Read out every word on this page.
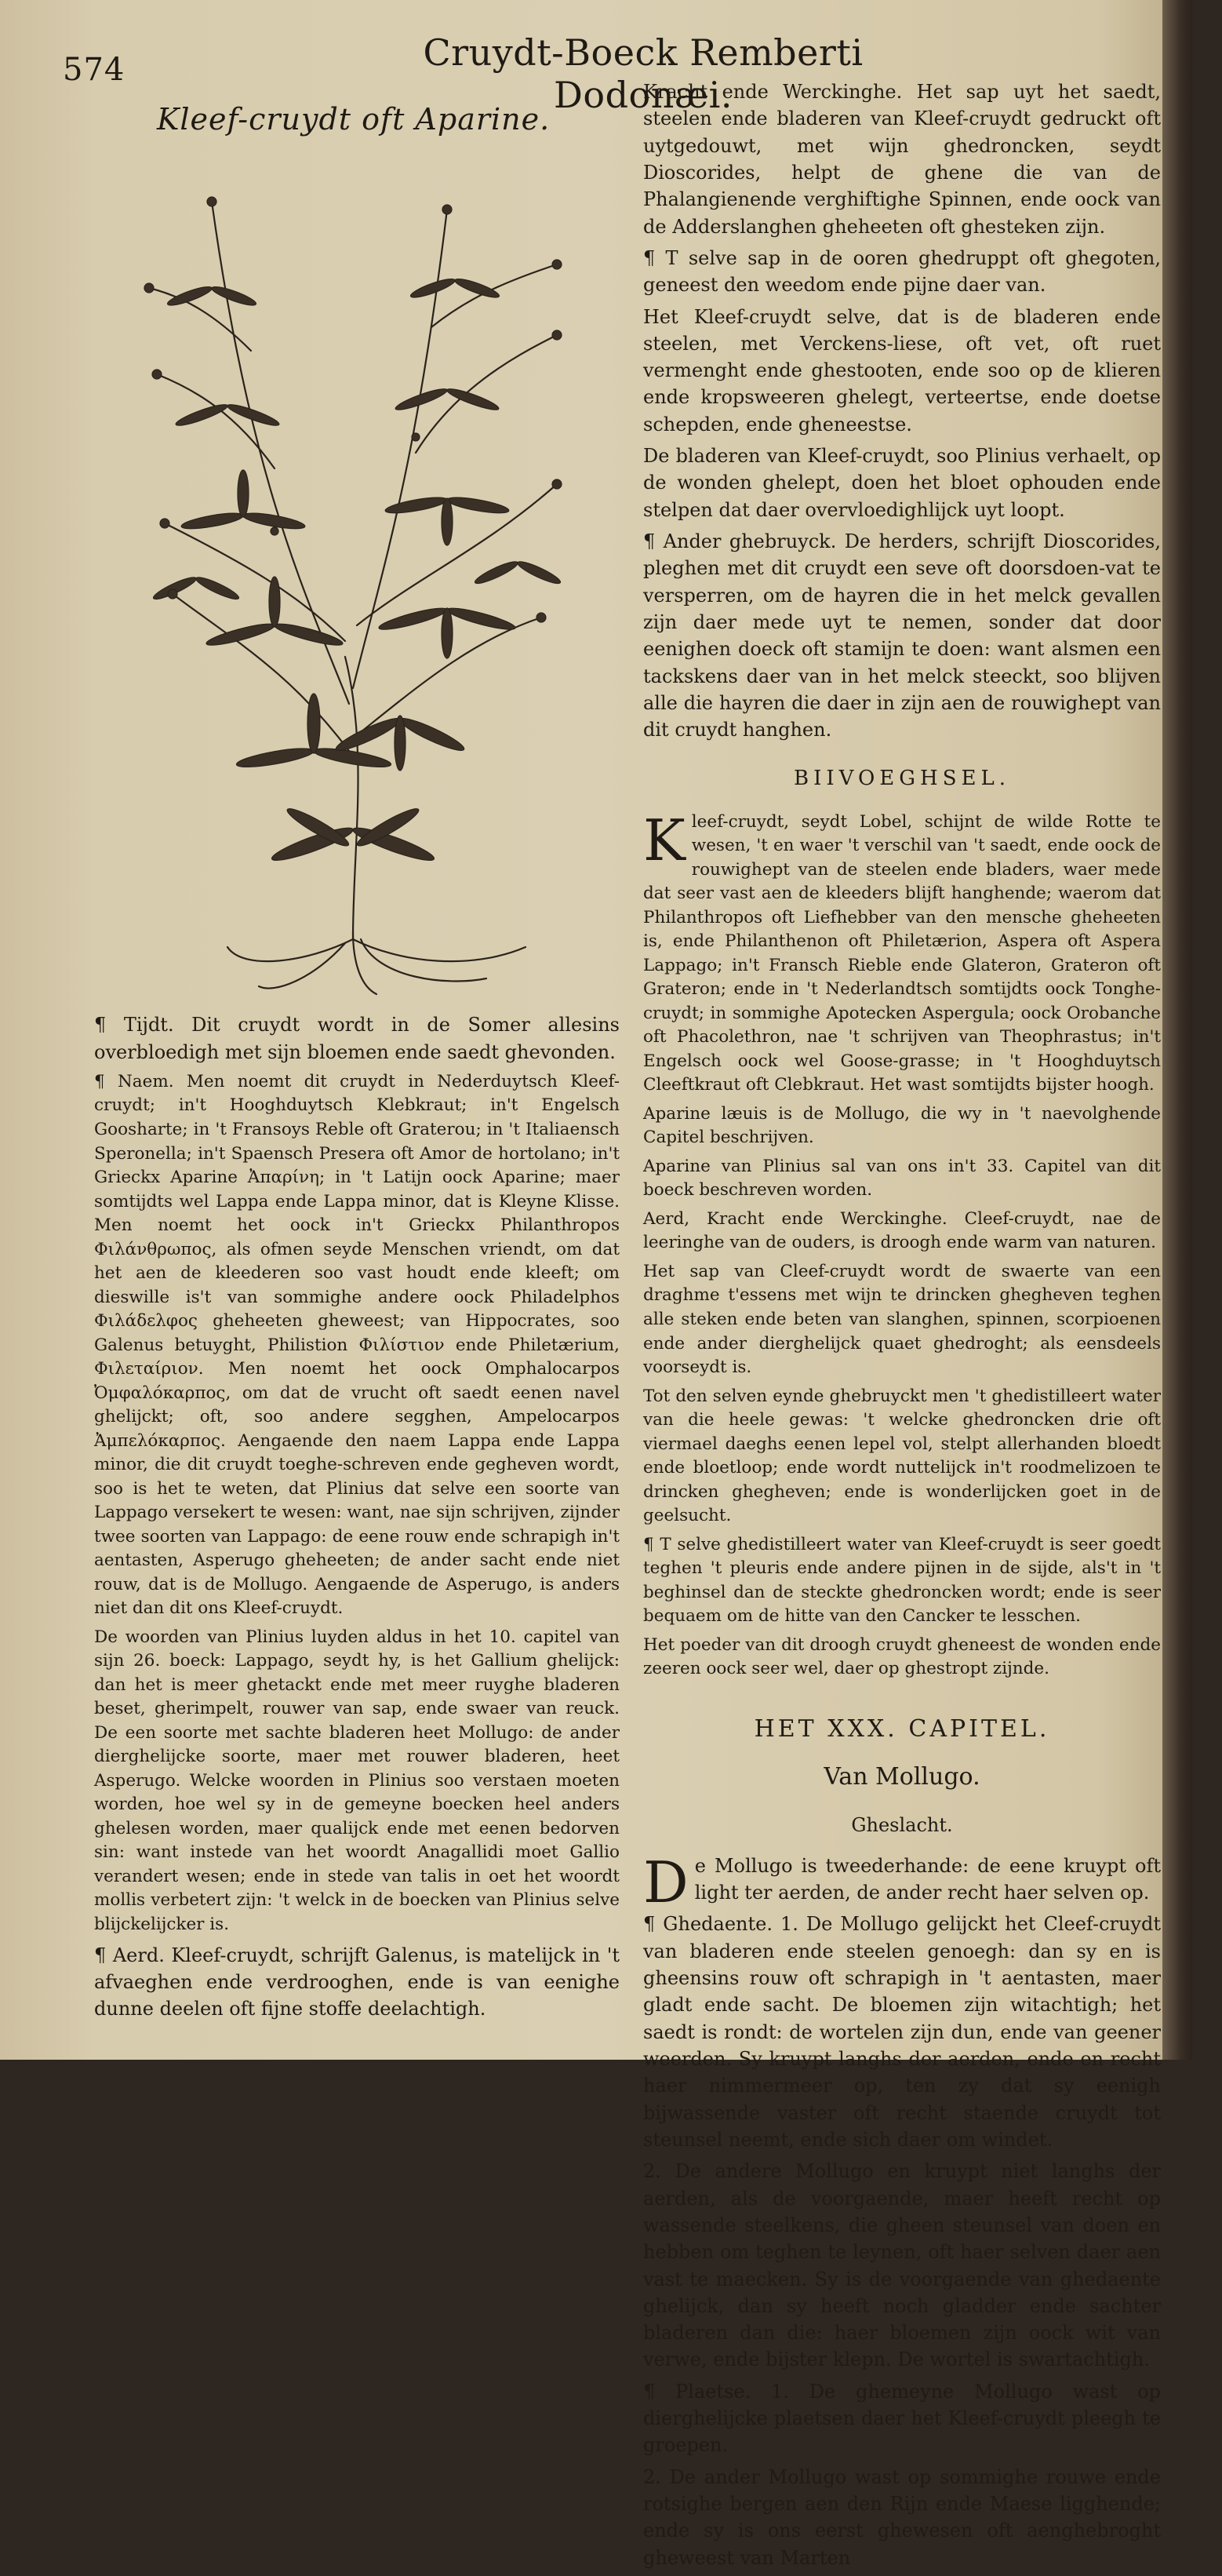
574	Cruydt-Boeck Remberti Dodonæi.
Kleef-cruydt oft Aparine.

¶ Tijdt. Dit cruydt wordt in de Somer allesins overbloedigh met sijn bloemen ende saedt ghevonden.

¶ Naem. Men noemt dit cruydt in Nederduytsch Kleef-cruydt; in't Hooghduytsch Klebkraut; in't Engelsch Goosharte; in 't Fransoys Reble oft Graterou; in 't Italiaensch Speronella; in't Spaensch Presera oft Amor de hortolano; in't Grieckx Aparine Ἀπαρίνη; in 't Latijn oock Aparine; maer somtijdts wel Lappa ende Lappa minor, dat is Kleyne Klisse. Men noemt het oock in't Grieckx Philanthropos Φιλάνθρωπος, als ofmen seyde Menschen vriendt, om dat het aen de kleederen soo vast houdt ende kleeft; om dieswille is't van sommighe andere oock Philadelphos Φιλάδελφος gheheeten gheweest; van Hippocrates, soo Galenus betuyght, Philistion Φιλίστιον ende Philetærium, Φιλεταίριον. Men noemt het oock Omphalocarpos Ὀμφαλόκαρπος, om dat de vrucht oft saedt eenen navel ghelijckt; oft, soo andere segghen, Ampelocarpos Ἀμπελόκαρπος. Aengaende den naem Lappa ende Lappa minor, die dit cruydt toeghe-schreven ende gegheven wordt, soo is het te weten, dat Plinius dat selve een soorte van Lappago versekert te wesen: want, nae sijn schrijven, zijnder twee soorten van Lappago: de eene rouw ende schrapigh in't aentasten, Asperugo gheheeten; de ander sacht ende niet rouw, dat is de Mollugo. Aengaende de Asperugo, is anders niet dan dit ons Kleef-cruydt.

De woorden van Plinius luyden aldus in het 10. capitel van sijn 26. boeck: Lappago, seydt hy, is het Gallium ghelijck: dan het is meer ghetackt ende met meer ruyghe bladeren beset, gherimpelt, rouwer van sap, ende swaer van reuck. De een soorte met sachte bladeren heet Mollugo: de ander dierghelijcke soorte, maer met rouwer bladeren, heet Asperugo. Welcke woorden in Plinius soo verstaen moeten worden, hoe wel sy in de gemeyne boecken heel anders ghelesen worden, maer qualijck ende met eenen bedorven sin: want instede van het woordt Anagallidi moet Gallio verandert wesen; ende in stede van talis in oet het woordt mollis verbetert zijn: 't welck in de boecken van Plinius selve blijckelijcker is.

¶ Aerd. Kleef-cruydt, schrijft Galenus, is matelijck in 't afvaeghen ende verdrooghen, ende is van eenighe dunne deelen oft fijne stoffe deelachtigh.

Kracht ende Werckinghe. Het sap uyt het saedt, steelen ende bladeren van Kleef-cruydt gedruckt oft uytgedouwt, met wijn ghedroncken, seydt Dioscorides, helpt de ghene die van de Phalangienende verghiftighe Spinnen, ende oock van de Adderslanghen gheheeten oft ghesteken zijn.

¶ T selve sap in de ooren ghedruppt oft ghegoten, geneest den weedom ende pijne daer van.

Het Kleef-cruydt selve, dat is de bladeren ende steelen, met Verckens-liese, oft vet, oft ruet vermenght ende ghestooten, ende soo op de klieren ende kropsweeren ghelegt, verteertse, ende doetse schepden, ende gheneestse.

De bladeren van Kleef-cruydt, soo Plinius verhaelt, op de wonden ghelept, doen het bloet ophouden ende stelpen dat daer overvloedighlijck uyt loopt.

¶ Ander ghebruyck. De herders, schrijft Dioscorides, pleghen met dit cruydt een seve oft doorsdoen-vat te versperren, om de hayren die in het melck gevallen zijn daer mede uyt te nemen, sonder dat door eenighen doeck oft stamijn te doen: want alsmen een tackskens daer van in het melck steeckt, soo blijven alle die hayren die daer in zijn aen de rouwighept van dit cruydt hanghen.

BIIVOEGHSEL.

Kleef-cruydt, seydt Lobel, schijnt de wilde Rotte te wesen, 't en waer 't verschil van 't saedt, ende oock de rouwighept van de steelen ende bladers, waer mede dat seer vast aen de kleeders blijft hanghende; waerom dat Philanthropos oft Liefhebber van den mensche gheheeten is, ende Philanthenon oft Philetærion, Aspera oft Aspera Lappago; in't Fransch Rieble ende Glateron, Grateron oft Grateron; ende in 't Nederlandtsch somtijdts oock Tonghe-cruydt; in sommighe Apotecken Aspergula; oock Orobanche oft Phacolethron, nae 't schrijven van Theophrastus; in't Engelsch oock wel Goose-grasse; in 't Hooghduytsch Cleeftkraut oft Clebkraut. Het wast somtijdts bijster hoogh.

Aparine læuis is de Mollugo, die wy in 't naevolghende Capitel beschrijven.

Aparine van Plinius sal van ons in't 33. Capitel van dit boeck beschreven worden.

Aerd, Kracht ende Werckinghe. Cleef-cruydt, nae de leeringhe van de ouders, is droogh ende warm van naturen.

Het sap van Cleef-cruydt wordt de swaerte van een draghme t'essens met wijn te drincken ghegheven teghen alle steken ende beten van slanghen, spinnen, scorpioenen ende ander dierghelijck quaet ghedroght; als eensdeels voorseydt is.

Tot den selven eynde ghebruyckt men 't ghedistilleert water van die heele gewas: 't welcke ghedroncken drie oft viermael daeghs eenen lepel vol, stelpt allerhanden bloedt ende bloetloop; ende wordt nuttelijck in't roodmelizoen te drincken ghegheven; ende is wonderlijcken goet in de geelsucht.

¶ T selve ghedistilleert water van Kleef-cruydt is seer goedt teghen 't pleuris ende andere pijnen in de sijde, als't in 't beghinsel dan de steckte ghedroncken wordt; ende is seer bequaem om de hitte van den Cancker te lesschen.

Het poeder van dit droogh cruydt gheneest de wonden ende zeeren oock seer wel, daer op ghestropt zijnde.

HET XXX. CAPITEL.
Van Mollugo.
Gheslacht.

De Mollugo is tweederhande: de eene kruypt oft light ter aerden, de ander recht haer selven op.

¶ Ghedaente. 1. De Mollugo gelijckt het Cleef-cruydt van bladeren ende steelen genoegh: dan sy en is gheensins rouw oft schrapigh in 't aentasten, maer gladt ende sacht. De bloemen zijn witachtigh; het saedt is rondt: de wortelen zijn dun, ende van geener weerden. Sy kruypt langhs der aerden, ende en recht haer nimmermeer op, ten zy dat sy eenigh bijwassende vaster oft recht staende cruydt tot steunsel neemt, ende sich daer om windet.

2. De andere Mollugo en kruypt niet langhs der aerden, als de voorgaende, maer heeft recht op wassende steelkens, die gheen steunsel van doen en hebben om teghen te leynen, oft haer selven daer aen vast te maecken. Sy is de voorgaende van ghedaente ghelijck, dan sy heeft noch gladder ende sachter bladeren dan die: haer bloemen zijn oock wit van verwe, ende bijster klepn. De wortel is swartachtigh.

¶ Plaetse. 1. De ghemeyne Mollugo wast op dierghelijcke plaetsen daer het Kleef-cruydt pleegh te groepen.

2. De ander Mollugo wast op sommighe rouwe ende rotsighe bergen aen den Rijn ende Maese ligghende; ende sy is ons eerst ghewesen oft aenghebroght gheweest van Marten
